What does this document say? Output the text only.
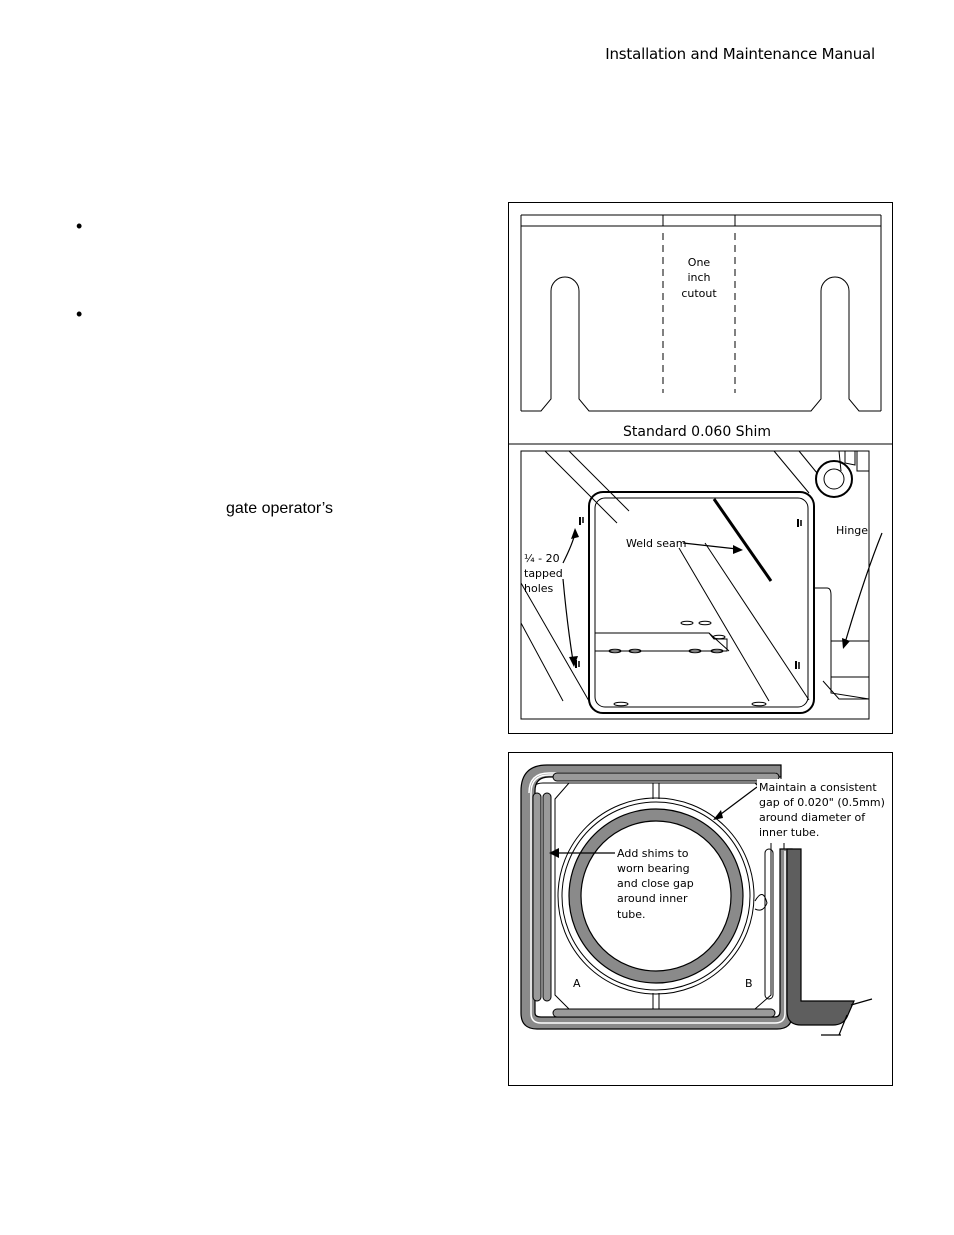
Installation and Maintenance Manual
•
•
gate operator’s
One
inch
cutout
Standard 0.060 Shim
¼ - 20
tapped
holes
Weld seam
Hinge
Maintain a consistent
gap of 0.020" (0.5mm)
around diameter of
inner tube.
Add shims to
worn bearing
and close gap
around inner
tube.
A	B
